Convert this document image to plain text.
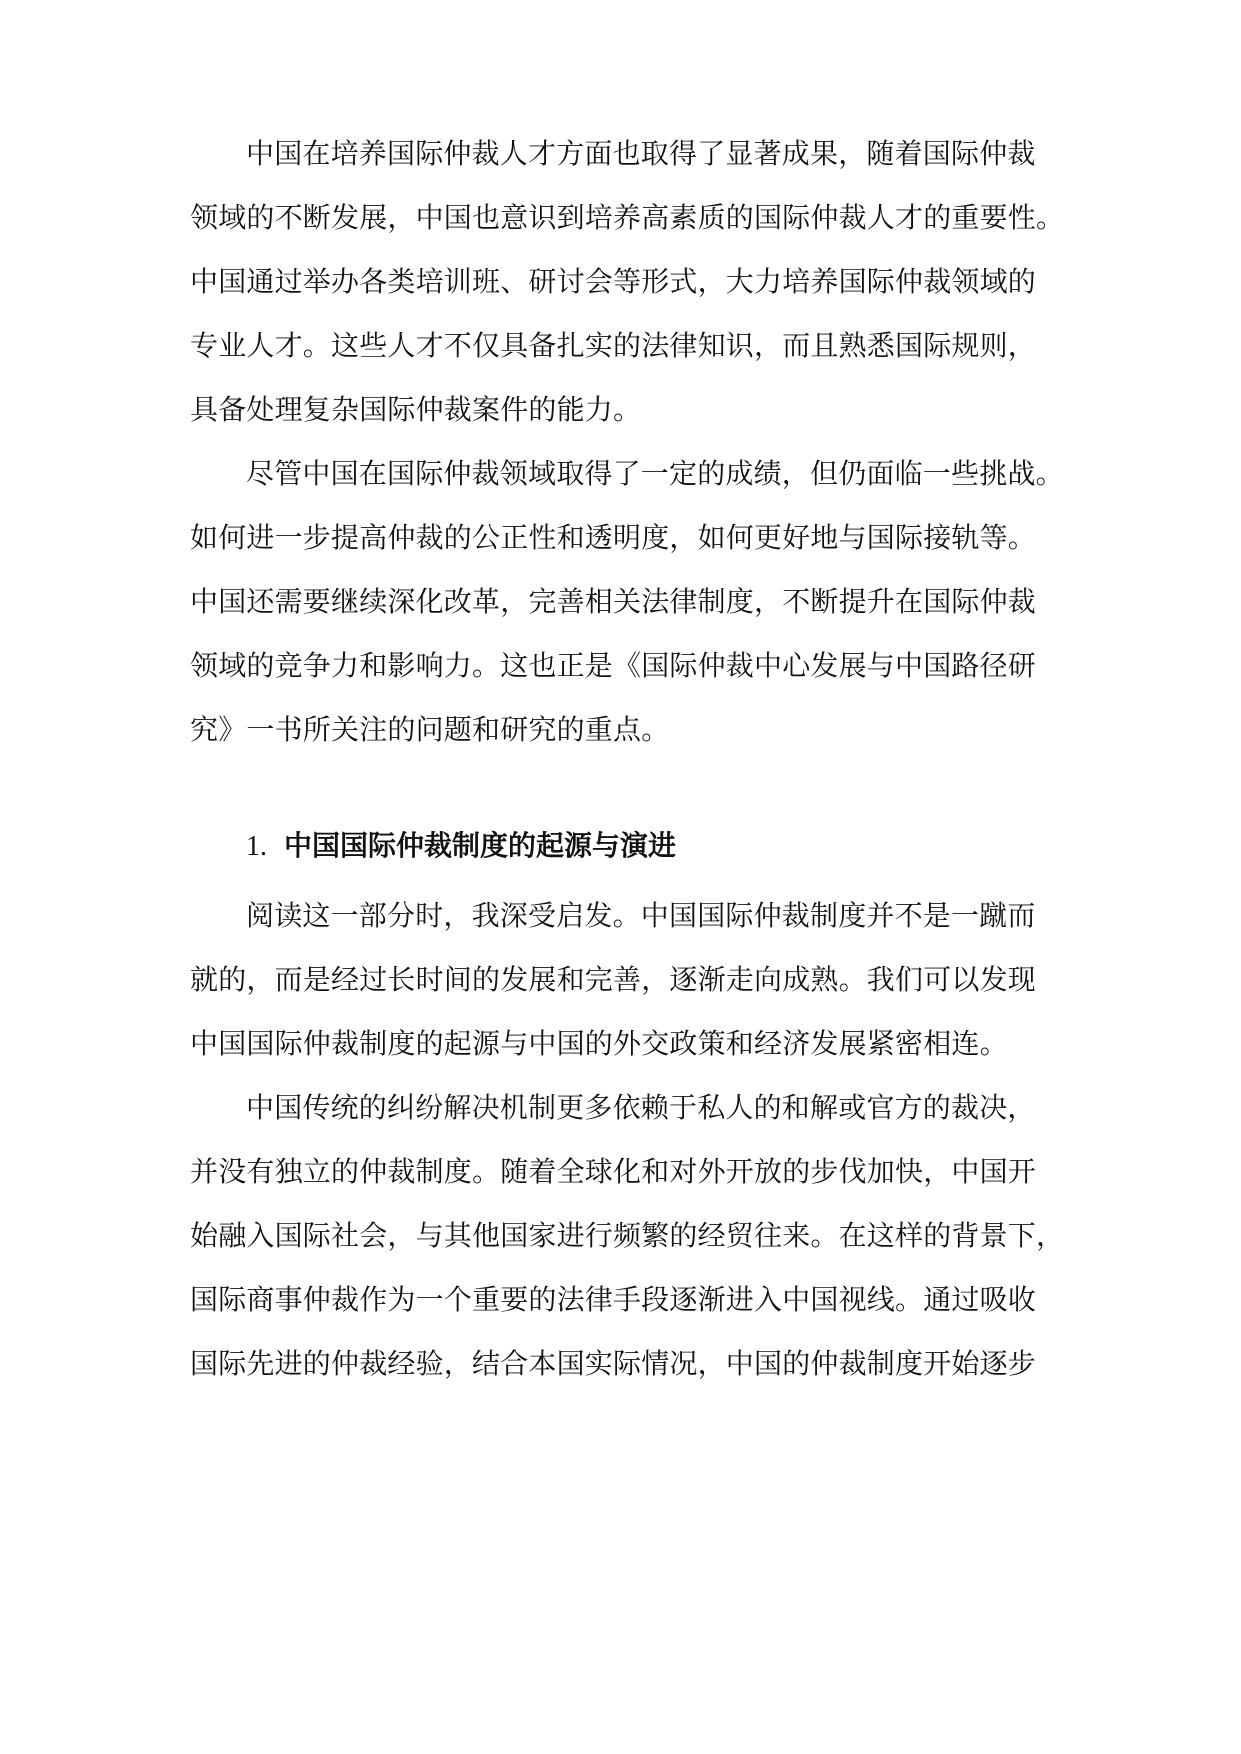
中国在培养国际仲裁人才方面也取得了显著成果，随着国际仲裁

领域的不断发展，中国也意识到培养高素质的国际仲裁人才的重要性。

中国通过举办各类培训班、研讨会等形式，大力培养国际仲裁领域的

专业人才。这些人才不仅具备扎实的法律知识，而且熟悉国际规则，

具备处理复杂国际仲裁案件的能力。

尽管中国在国际仲裁领域取得了一定的成绩，但仍面临一些挑战。

如何进一步提高仲裁的公正性和透明度，如何更好地与国际接轨等。

中国还需要继续深化改革，完善相关法律制度，不断提升在国际仲裁

领域的竞争力和影响力。这也正是《国际仲裁中心发展与中国路径研

究》一书所关注的问题和研究的重点。

1. 中国国际仲裁制度的起源与演进

阅读这一部分时，我深受启发。中国国际仲裁制度并不是一蹴而

就的，而是经过长时间的发展和完善，逐渐走向成熟。我们可以发现

中国国际仲裁制度的起源与中国的外交政策和经济发展紧密相连。

中国传统的纠纷解决机制更多依赖于私人的和解或官方的裁决，

并没有独立的仲裁制度。随着全球化和对外开放的步伐加快，中国开

始融入国际社会，与其他国家进行频繁的经贸往来。在这样的背景下，

国际商事仲裁作为一个重要的法律手段逐渐进入中国视线。通过吸收

国际先进的仲裁经验，结合本国实际情况，中国的仲裁制度开始逐步
